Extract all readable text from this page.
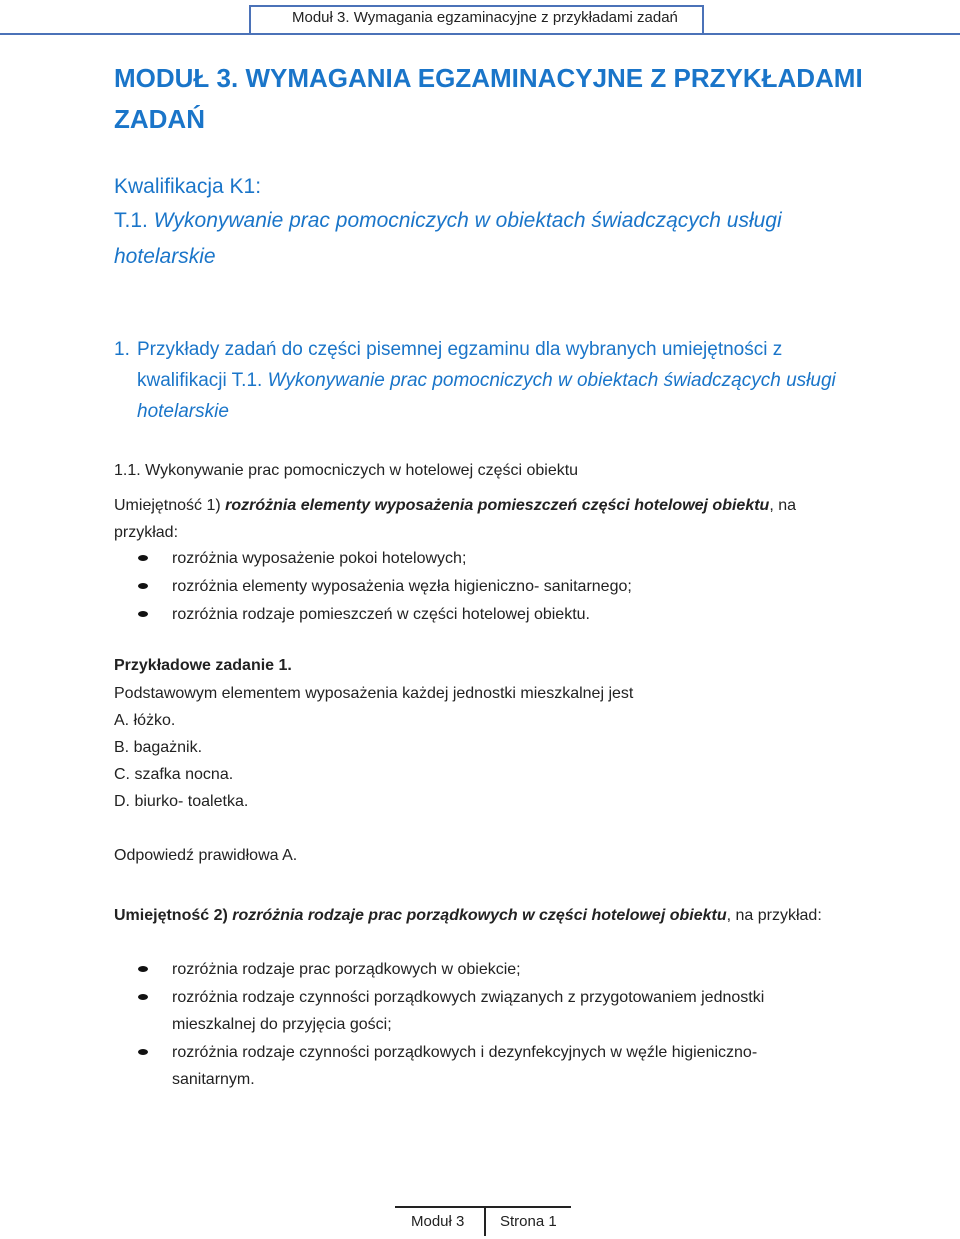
Moduł 3. Wymagania egzaminacyjne z przykładami zadań
MODUŁ 3. WYMAGANIA EGZAMINACYJNE Z PRZYKŁADAMI ZADAŃ
Kwalifikacja K1:
T.1. Wykonywanie prac pomocniczych w obiektach świadczących usługi hotelarskie
1. Przykłady zadań do części pisemnej egzaminu dla wybranych umiejętności z kwalifikacji T.1. Wykonywanie prac pomocniczych w obiektach świadczących usługi hotelarskie
1.1. Wykonywanie prac pomocniczych w hotelowej części obiektu
Umiejętność 1) rozróżnia elementy wyposażenia pomieszczeń części hotelowej obiektu, na przykład:
rozróżnia wyposażenie pokoi hotelowych;
rozróżnia elementy wyposażenia węzła higieniczno- sanitarnego;
rozróżnia rodzaje pomieszczeń w części hotelowej obiektu.
Przykładowe zadanie 1.
Podstawowym elementem wyposażenia każdej jednostki mieszkalnej jest
A. łóżko.
B. bagażnik.
C. szafka nocna.
D. biurko- toaletka.
Odpowiedź prawidłowa A.
Umiejętność 2) rozróżnia rodzaje prac porządkowych w części hotelowej obiektu, na przykład:
rozróżnia rodzaje prac porządkowych w obiekcie;
rozróżnia rodzaje czynności porządkowych związanych z przygotowaniem jednostki mieszkalnej do przyjęcia gości;
rozróżnia rodzaje czynności porządkowych i dezynfekcyjnych w węźle higieniczno-sanitarnym.
Moduł 3 Strona 1
